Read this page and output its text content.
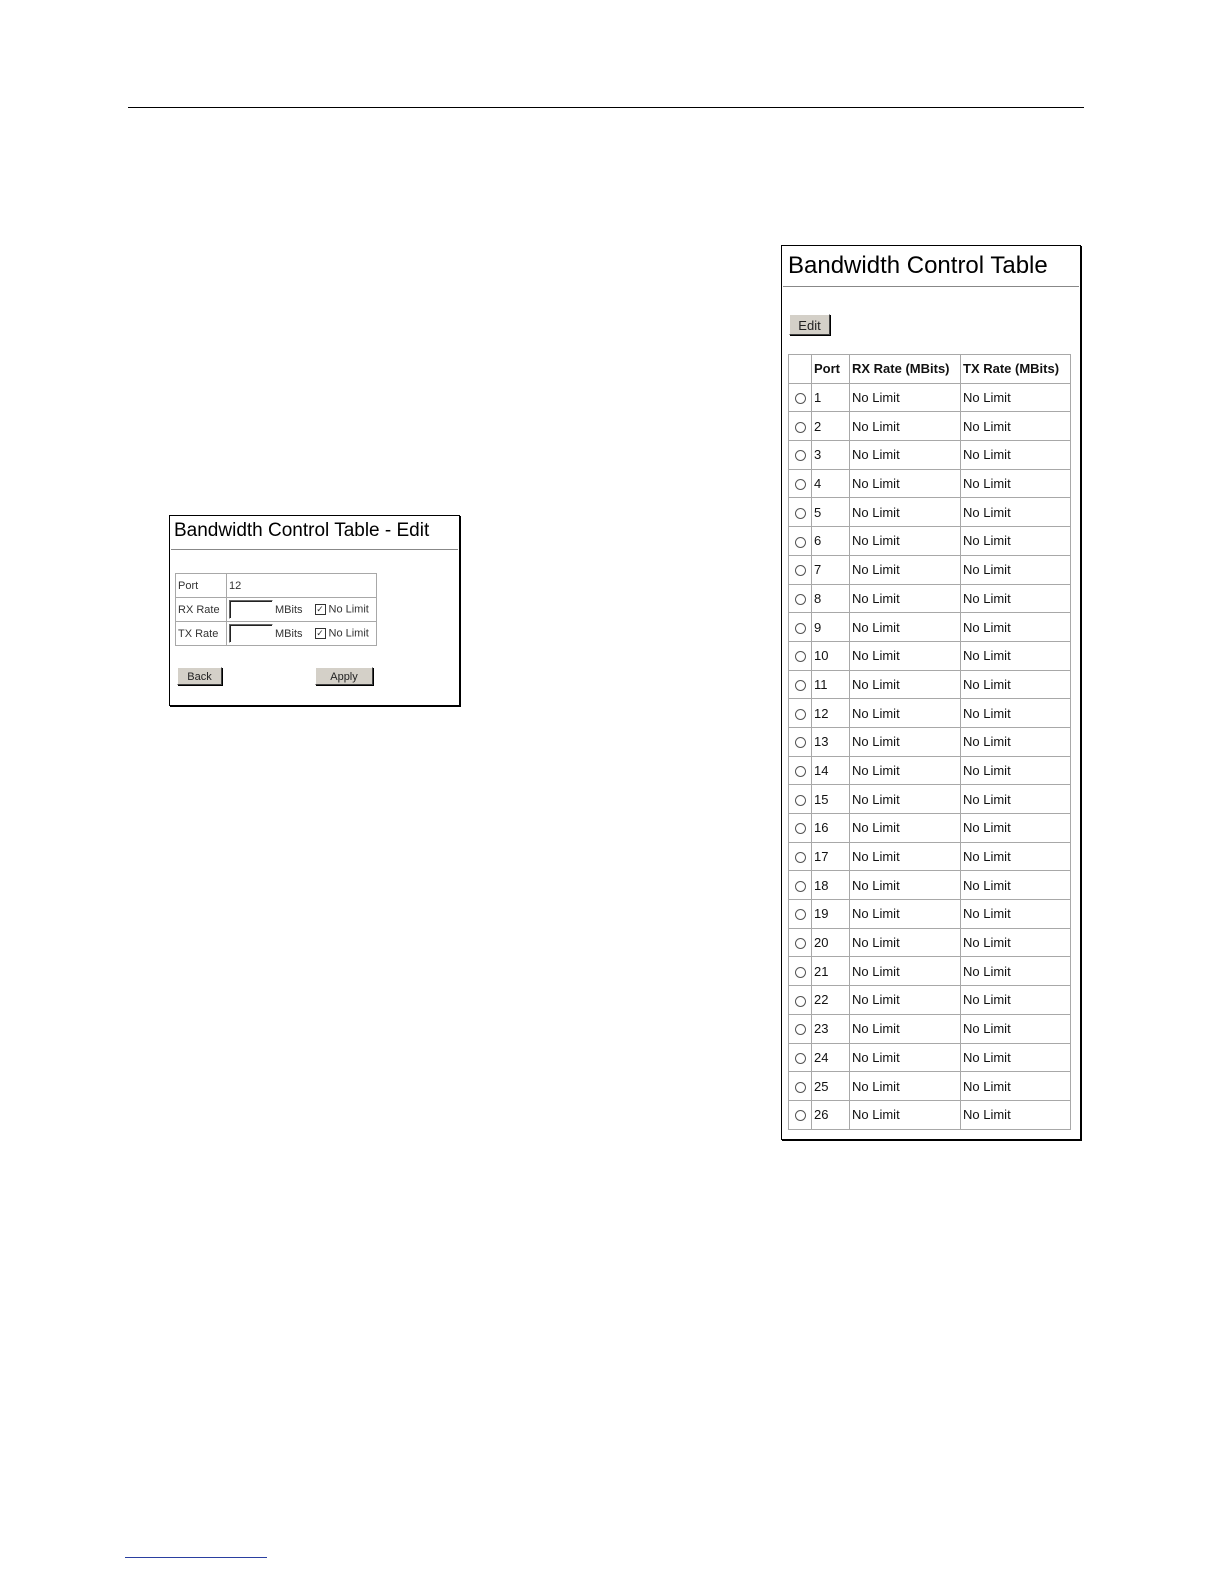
Bandwidth Control Table - Edit
Port	12
RX Rate	MBits ✓ No Limit
TX Rate	MBits ✓ No Limit
Back	Apply
Bandwidth Control Table
Edit
	Port	RX Rate (MBits)	TX Rate (MBits)
	1	No Limit	No Limit
	2	No Limit	No Limit
	3	No Limit	No Limit
	4	No Limit	No Limit
	5	No Limit	No Limit
	6	No Limit	No Limit
	7	No Limit	No Limit
	8	No Limit	No Limit
	9	No Limit	No Limit
	10	No Limit	No Limit
	11	No Limit	No Limit
	12	No Limit	No Limit
	13	No Limit	No Limit
	14	No Limit	No Limit
	15	No Limit	No Limit
	16	No Limit	No Limit
	17	No Limit	No Limit
	18	No Limit	No Limit
	19	No Limit	No Limit
	20	No Limit	No Limit
	21	No Limit	No Limit
	22	No Limit	No Limit
	23	No Limit	No Limit
	24	No Limit	No Limit
	25	No Limit	No Limit
	26	No Limit	No Limit
